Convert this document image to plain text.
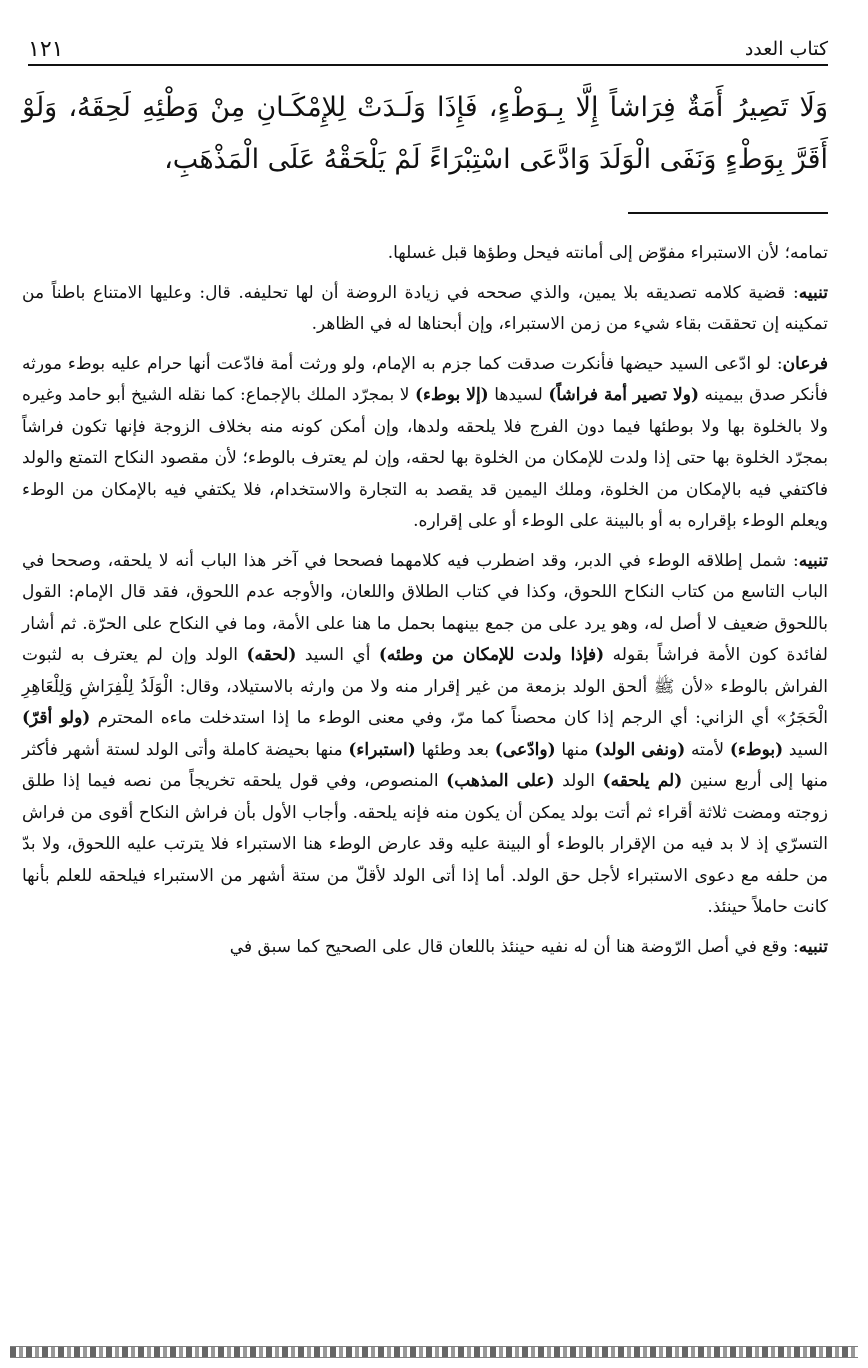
كتاب العدد
١٢١
وَلَا تَصِيرُ أَمَةٌ فِرَاشاً إِلَّا بِـوَطْءٍ، فَإِذَا وَلَـدَتْ لِلإِمْكَـانِ مِنْ وَطْئِهِ لَحِقَهُ، وَلَوْ أَقَرَّ بِوَطْءٍ وَنَفَى الْوَلَدَ وَادَّعَى اسْتِبْرَاءً لَمْ يَلْحَقْهُ عَلَى الْمَذْهَبِ،

تمامه؛ لأن الاستبراء مفوّض إلى أمانته فيحل وطؤها قبل غسلها.

تنبيه: قضية كلامه تصديقه بلا يمين، والذي صححه في زيادة الروضة أن لها تحليفه. قال: وعليها الامتناع باطناً من تمكينه إن تحققت بقاء شيء من زمن الاستبراء، وإن أبحناها له في الظاهر.

فرعان: لو ادّعى السيد حيضها فأنكرت صدقت كما جزم به الإمام، ولو ورثت أمة فادّعت أنها حرام عليه بوطء مورثه فأنكر صدق بيمينه (ولا تصير أمة فراشاً) لسيدها (إلا بوطء) لا بمجرّد الملك بالإجماع: كما نقله الشيخ أبو حامد وغيره ولا بالخلوة بها ولا بوطئها فيما دون الفرج فلا يلحقه ولدها، وإن أمكن كونه منه بخلاف الزوجة فإنها تكون فراشاً بمجرّد الخلوة بها حتى إذا ولدت للإمكان من الخلوة بها لحقه، وإن لم يعترف بالوطء؛ لأن مقصود النكاح التمتع والولد فاكتفي فيه بالإمكان من الخلوة، وملك اليمين قد يقصد به التجارة والاستخدام، فلا يكتفي فيه بالإمكان من الوطء ويعلم الوطء بإقراره به أو بالبينة على الوطء أو على إقراره.

تنبيه: شمل إطلاقه الوطء في الدبر، وقد اضطرب فيه كلامهما فصححا في آخر هذا الباب أنه لا يلحقه، وصححا في الباب التاسع من كتاب النكاح اللحوق، وكذا في كتاب الطلاق واللعان، والأوجه عدم اللحوق، فقد قال الإمام: القول باللحوق ضعيف لا أصل له، وهو يرد على من جمع بينهما بحمل ما هنا على الأمة، وما في النكاح على الحرّة. ثم أشار لفائدة كون الأمة فراشاً بقوله (فإذا ولدت للإمكان من وطئه) أي السيد (لحقه) الولد وإن لم يعترف به لثبوت الفراش بالوطء «لأن ﷺ ألحق الولد بزمعة من غير إقرار منه ولا من وارثه بالاستيلاد، وقال: الْوَلَدُ لِلْفِرَاشِ وَلِلْعَاهِرِ الْحَجَرُ» أي الزاني: أي الرجم إذا كان محصناً كما مرّ، وفي معنى الوطء ما إذا استدخلت ماءه المحترم (ولو أقرّ) السيد (بوطء) لأمته (ونفى الولد) منها (وادّعى) بعد وطئها (استبراء) منها بحيضة كاملة وأتى الولد لستة أشهر فأكثر منها إلى أربع سنين (لم يلحقه) الولد (على المذهب) المنصوص، وفي قول يلحقه تخريجاً من نصه فيما إذا طلق زوجته ومضت ثلاثة أقراء ثم أتت بولد يمكن أن يكون منه فإنه يلحقه. وأجاب الأول بأن فراش النكاح أقوى من فراش التسرّي إذ لا بد فيه من الإقرار بالوطء أو البينة عليه وقد عارض الوطء هنا الاستبراء فلا يترتب عليه اللحوق، ولا بدّ من حلفه مع دعوى الاستبراء لأجل حق الولد. أما إذا أتى الولد لأقلّ من ستة أشهر من الاستبراء فيلحقه للعلم بأنها كانت حاملاً حينئذ.

تنبيه: وقع في أصل الرّوضة هنا أن له نفيه حينئذ باللعان قال على الصحيح كما سبق في
